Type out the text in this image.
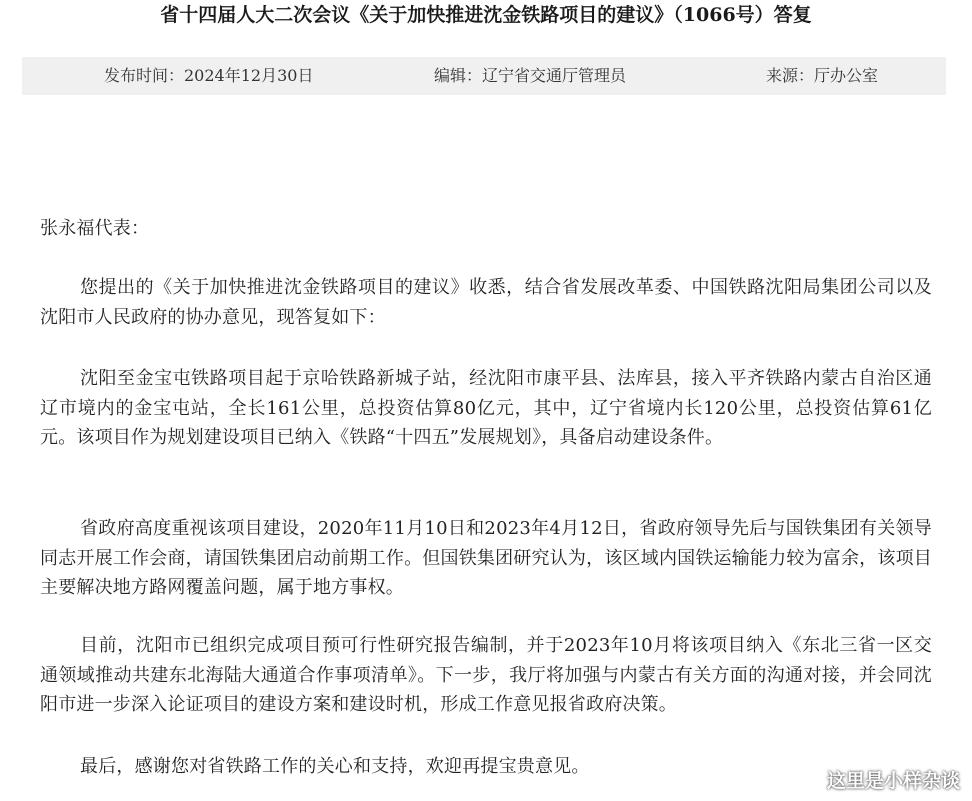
省十四届人大二次会议《关于加快推进沈金铁路项目的建议》（1066号）答复
发布时间：2024年12月30日	编辑：辽宁省交通厅管理员	来源：厅办公室

张永福代表：

您提出的《关于加快推进沈金铁路项目的建议》收悉，结合省发展改革委、中国铁路沈阳局集团公司以及沈阳市人民政府的协办意见，现答复如下：

沈阳至金宝屯铁路项目起于京哈铁路新城子站，经沈阳市康平县、法库县，接入平齐铁路内蒙古自治区通辽市境内的金宝屯站，全长161公里，总投资估算80亿元，其中，辽宁省境内长120公里，总投资估算61亿元。该项目作为规划建设项目已纳入《铁路“十四五”发展规划》，具备启动建设条件。

省政府高度重视该项目建设，2020年11月10日和2023年4月12日，省政府领导先后与国铁集团有关领导同志开展工作会商，请国铁集团启动前期工作。但国铁集团研究认为，该区域内国铁运输能力较为富余，该项目主要解决地方路网覆盖问题，属于地方事权。

目前，沈阳市已组织完成项目预可行性研究报告编制，并于2023年10月将该项目纳入《东北三省一区交通领域推动共建东北海陆大通道合作事项清单》。下一步，我厅将加强与内蒙古有关方面的沟通对接，并会同沈阳市进一步深入论证项目的建设方案和建设时机，形成工作意见报省政府决策。

最后，感谢您对省铁路工作的关心和支持，欢迎再提宝贵意见。

这里是小样杂谈
